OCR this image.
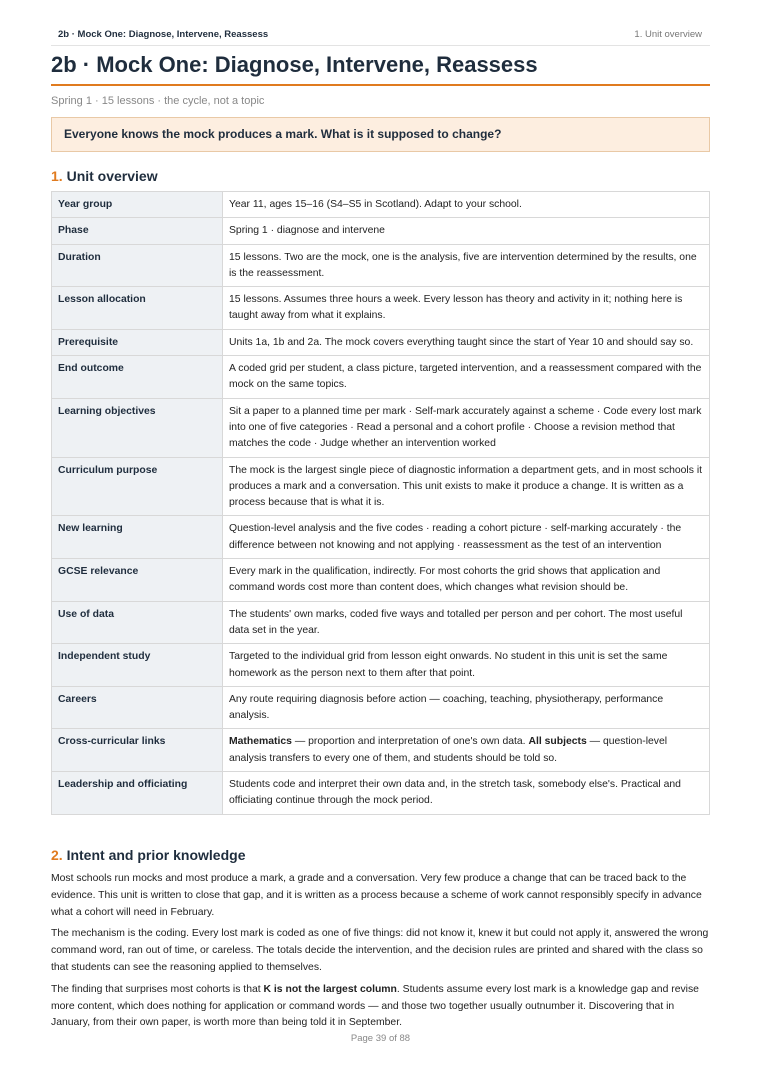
2b · Mock One: Diagnose, Intervene, Reassess	1. Unit overview
2b · Mock One: Diagnose, Intervene, Reassess
Spring 1 · 15 lessons · the cycle, not a topic
Everyone knows the mock produces a mark. What is it supposed to change?
1. Unit overview
Year group	Year 11, ages 15–16 (S4–S5 in Scotland). Adapt to your school.
Phase	Spring 1 · diagnose and intervene
Duration	15 lessons. Two are the mock, one is the analysis, five are intervention determined by the results, one is the reassessment.
Lesson allocation	15 lessons. Assumes three hours a week. Every lesson has theory and activity in it; nothing here is taught away from what it explains.
Prerequisite	Units 1a, 1b and 2a. The mock covers everything taught since the start of Year 10 and should say so.
End outcome	A coded grid per student, a class picture, targeted intervention, and a reassessment compared with the mock on the same topics.
Learning objectives	Sit a paper to a planned time per mark · Self-mark accurately against a scheme · Code every lost mark into one of five categories · Read a personal and a cohort profile · Choose a revision method that matches the code · Judge whether an intervention worked
Curriculum purpose	The mock is the largest single piece of diagnostic information a department gets, and in most schools it produces a mark and a conversation. This unit exists to make it produce a change. It is written as a process because that is what it is.
New learning	Question-level analysis and the five codes · reading a cohort picture · self-marking accurately · the difference between not knowing and not applying · reassessment as the test of an intervention
GCSE relevance	Every mark in the qualification, indirectly. For most cohorts the grid shows that application and command words cost more than content does, which changes what revision should be.
Use of data	The students' own marks, coded five ways and totalled per person and per cohort. The most useful data set in the year.
Independent study	Targeted to the individual grid from lesson eight onwards. No student in this unit is set the same homework as the person next to them after that point.
Careers	Any route requiring diagnosis before action — coaching, teaching, physiotherapy, performance analysis.
Cross-curricular links	Mathematics — proportion and interpretation of one's own data. All subjects — question-level analysis transfers to every one of them, and students should be told so.
Leadership and officiating	Students code and interpret their own data and, in the stretch task, somebody else's. Practical and officiating continue through the mock period.
2. Intent and prior knowledge

Most schools run mocks and most produce a mark, a grade and a conversation. Very few produce a change that can be traced back to the evidence. This unit is written to close that gap, and it is written as a process because a scheme of work cannot responsibly specify in advance what a cohort will need in February.

The mechanism is the coding. Every lost mark is coded as one of five things: did not know it, knew it but could not apply it, answered the wrong command word, ran out of time, or careless. The totals decide the intervention, and the decision rules are printed and shared with the class so that students can see the reasoning applied to themselves.

The finding that surprises most cohorts is that K is not the largest column. Students assume every lost mark is a knowledge gap and revise more content, which does nothing for application or command words — and those two together usually outnumber it. Discovering that in January, from their own paper, is worth more than being told it in September.

Page 39 of 88
